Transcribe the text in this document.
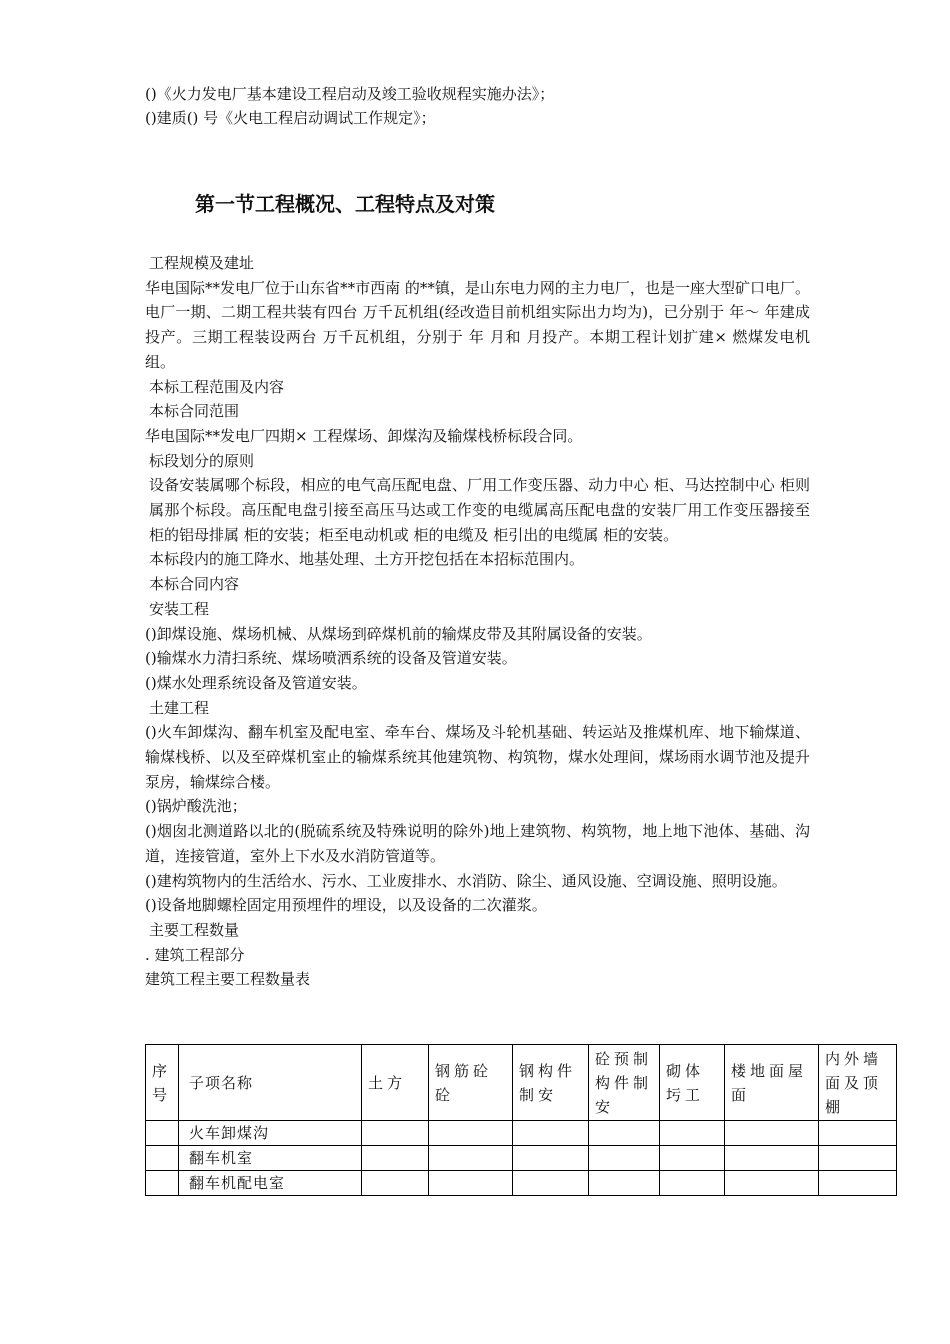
()《火力发电厂基本建设工程启动及竣工验收规程实施办法》；
()建质() 号《火电工程启动调试工作规定》；
第一节工程概况、工程特点及对策

工程规模及建址

华电国际**发电厂位于山东省**市西南 的**镇，是山东电力网的主力电厂，也是一座大型矿口电厂。电厂一期、二期工程共装有四台 万千瓦机组(经改造目前机组实际出力均为)，已分别于 年～ 年建成投产。三期工程装设两台 万千瓦机组，分别于 年 月和 月投产。本期工程计划扩建× 燃煤发电机组。

本标工程范围及内容

本标合同范围

华电国际**发电厂四期× 工程煤场、卸煤沟及输煤栈桥标段合同。

标段划分的原则

设备安装属哪个标段，相应的电气高压配电盘、厂用工作变压器、动力中心 柜、马达控制中心 柜则属那个标段。高压配电盘引接至高压马达或工作变的电缆属高压配电盘的安装厂用工作变压器接至 柜的铝母排属 柜的安装；柜至电动机或 柜的电缆及 柜引出的电缆属 柜的安装。

本标段内的施工降水、地基处理、土方开挖包括在本招标范围内。

本标合同内容

安装工程

()卸煤设施、煤场机械、从煤场到碎煤机前的输煤皮带及其附属设备的安装。

()输煤水力清扫系统、煤场喷洒系统的设备及管道安装。

()煤水处理系统设备及管道安装。

土建工程

()火车卸煤沟、翻车机室及配电室、牵车台、煤场及斗轮机基础、转运站及推煤机库、地下输煤道、输煤栈桥、以及至碎煤机室止的输煤系统其他建筑物、构筑物，煤水处理间，煤场雨水调节池及提升泵房，输煤综合楼。

()锅炉酸洗池；

()烟囱北测道路以北的(脱硫系统及特殊说明的除外)地上建筑物、构筑物，地上地下池体、基础、沟道，连接管道，室外上下水及水消防管道等。

()建构筑物内的生活给水、污水、工业废排水、水消防、除尘、通风设施、空调设施、照明设施。

()设备地脚螺栓固定用预埋件的埋设，以及设备的二次灌浆。

主要工程数量

. 建筑工程部分

建筑工程主要工程数量表

序号	子项名称	土方	钢筋砼砼	钢构件制安	砼预制构件制安	砌体圬工	楼地面屋面	内外墙面及顶棚
	火车卸煤沟							
	翻车机室							
	翻车机配电室							
